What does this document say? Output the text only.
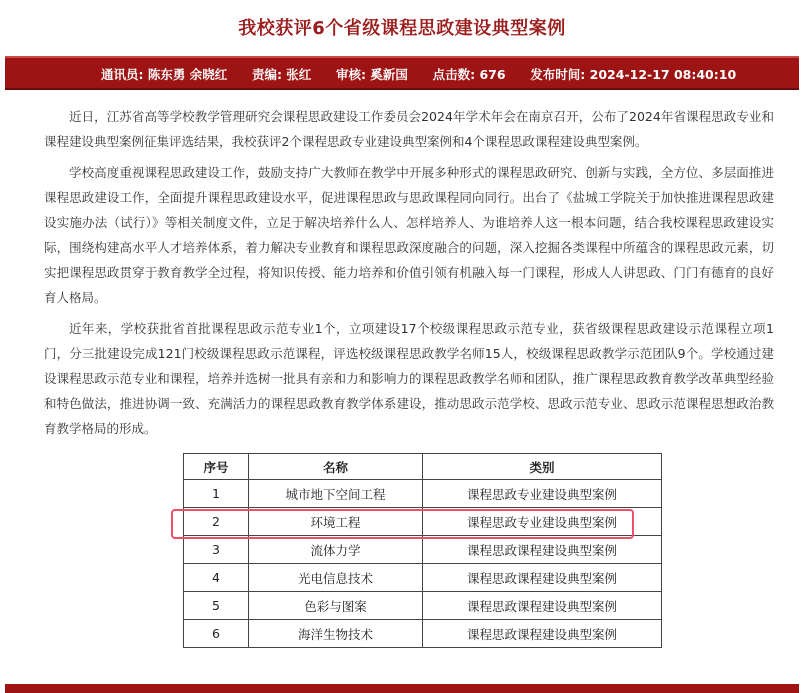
我校获评6个省级课程思政建设典型案例
通讯员: 陈东勇 余晓红 责编: 张红 审核: 奚新国 点击数: 676 发布时间: 2024-12-17 08:40:10

近日，江苏省高等学校教学管理研究会课程思政建设工作委员会2024年学术年会在南京召开，公布了2024年省课程思政专业和课程建设典型案例征集评选结果，我校获评2个课程思政专业建设典型案例和4个课程思政课程建设典型案例。

学校高度重视课程思政建设工作，鼓励支持广大教师在教学中开展多种形式的课程思政研究、创新与实践，全方位、多层面推进课程思政建设工作，全面提升课程思政建设水平，促进课程思政与思政课程同向同行。出台了《盐城工学院关于加快推进课程思政建设实施办法（试行）》等相关制度文件，立足于解决培养什么人、怎样培养人、为谁培养人这一根本问题，结合我校课程思政建设实际，围绕构建高水平人才培养体系，着力解决专业教育和课程思政深度融合的问题，深入挖掘各类课程中所蕴含的课程思政元素，切实把课程思政贯穿于教育教学全过程，将知识传授、能力培养和价值引领有机融入每一门课程，形成人人讲思政、门门有德育的良好育人格局。

近年来，学校获批省首批课程思政示范专业1个，立项建设17个校级课程思政示范专业，获省级课程思政建设示范课程立项1门，分三批建设完成121门校级课程思政示范课程，评选校级课程思政教学名师15人，校级课程思政教学示范团队9个。学校通过建设课程思政示范专业和课程，培养并选树一批具有亲和力和影响力的课程思政教学名师和团队，推广课程思政教育教学改革典型经验和特色做法，推进协调一致、充满活力的课程思政教育教学体系建设，推动思政示范学校、思政示范专业、思政示范课程思想政治教育教学格局的形成。

序号	名称	类别
1	城市地下空间工程	课程思政专业建设典型案例
2	环境工程	课程思政专业建设典型案例
3	流体力学	课程思政课程建设典型案例
4	光电信息技术	课程思政课程建设典型案例
5	色彩与图案	课程思政课程建设典型案例
6	海洋生物技术	课程思政课程建设典型案例
